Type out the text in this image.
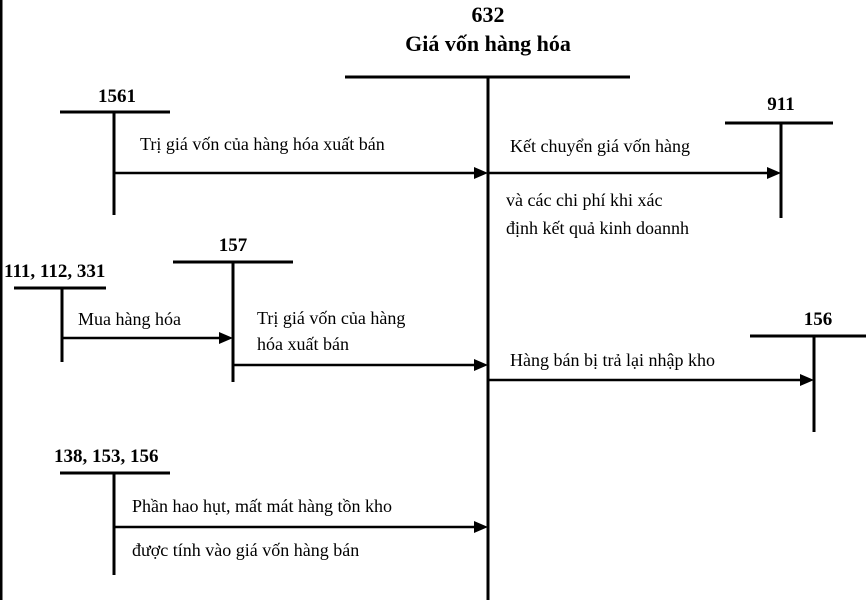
632
Giá vốn hàng hóa
1561
Trị giá vốn của hàng hóa xuất bán
911
Kết chuyển giá vốn hàng
và các chi phí khi xác
định kết quả kinh doannh
157
111, 112, 331
Mua hàng hóa	Trị giá vốn của hàng
hóa xuất bán
156
Hàng bán bị trả lại nhập kho
138, 153, 156
Phần hao hụt, mất mát hàng tồn kho
được tính vào giá vốn hàng bán
